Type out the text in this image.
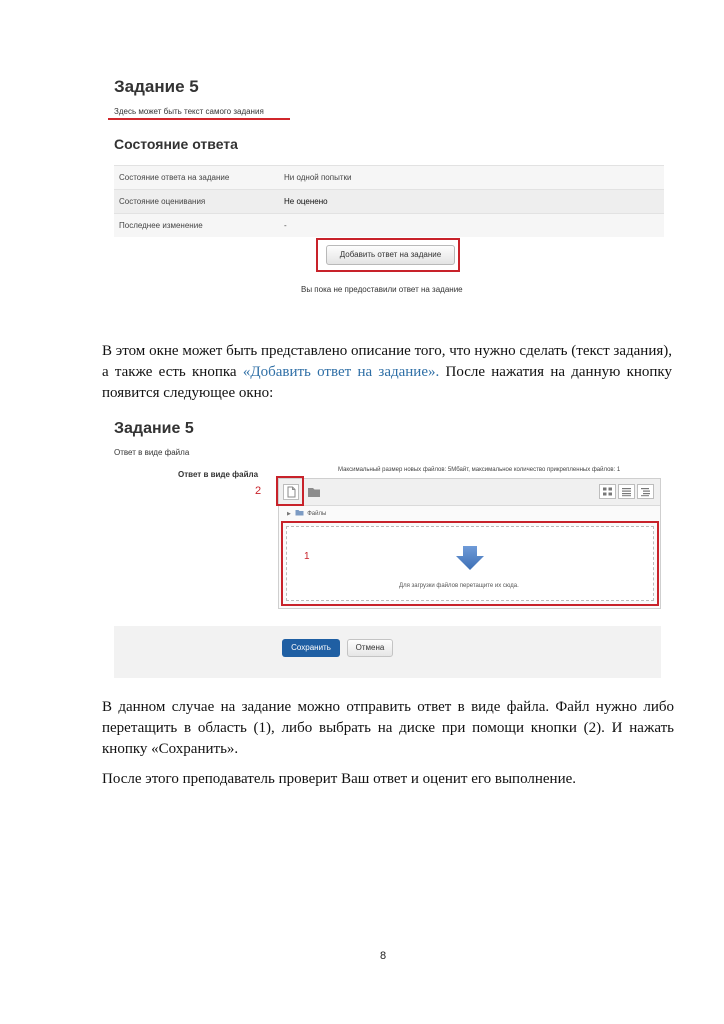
Задание 5
Здесь может быть текст самого задания
Состояние ответа
Состояние ответа на задание	Ни одной попытки
Состояние оценивания	Не оценено
Последнее изменение	-
Добавить ответ на задание
Вы пока не предоставили ответ на задание
В этом окне может быть представлено описание того, что нужно сделать (текст задания), а также есть кнопка «Добавить ответ на задание». После нажатия на данную кнопку появится следующее окно:
Задание 5
Ответ в виде файла
Ответ в виде файла	Максимальный размер новых файлов: 5Мбайт, максимальное количество прикрепленных файлов: 1
2
▶	Файлы
1
Для загрузки файлов перетащите их сюда.
Сохранить	Отмена
В данном случае на задание можно отправить ответ в виде файла. Файл нужно либо перетащить в область (1), либо выбрать на диске при помощи кнопки (2). И нажать кнопку «Сохранить».
После этого преподаватель проверит Ваш ответ и оценит его выполнение.
8
